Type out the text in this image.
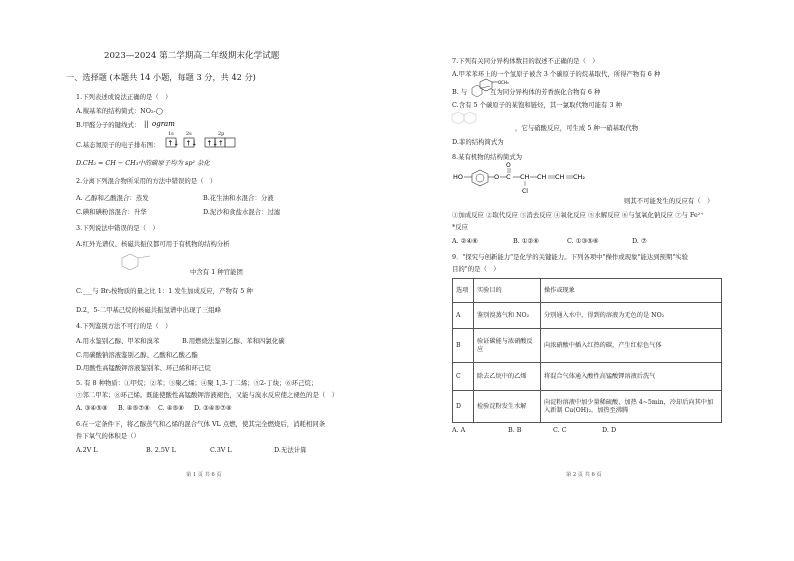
2023—2024 第二学期高二年级期末化学试题
一、选择题 (本题共 14 小题，每题 3 分，共 42 分)
1.下列表述或说法正确的是（　）
A.羰基苯的结构简式：NO₂-◯
B.甲醛分子的键线式： || ogram
C.基态氮原子的电子排布图：
1s 2s	2p
↑↓ ↑↓ ↑↓ ↑
D.CH₂ = CH − CH₃中的碳原子均为 sp² 杂化
2.分离下列混合物所采用的方法中错误的是（　）
A. 乙醇和乙酸混合：蒸发	B.花生油和水混合：分液
C.碘和碘粉溶混合：升华	D.泥沙和食盐水混合：过滤
3.下列说法中错误的是（　）
A.红外光谱仪、核磁共振仪都可用于有机物的结构分析
中含有 1 种官能团
C.___与 Br₂按物质的量之比 1：1 发生加成反应，产物有 5 种
D.2，5-二甲基己烷的核磁共振氢谱中出现了三组峰
4.下列鉴别方法不可行的是（　）
A.用水鉴别乙醇、甲苯和溴苯	B.用燃烧法鉴别乙醇、苯和四氯化碳
C.用碳酸钠溶液鉴别乙醇、乙酸和乙酸乙酯
D.用酸性高锰酸钾溶液鉴别苯、环己烯和环己烷
5. 有 8 种物质：①甲烷；②苯；③聚乙烯；④聚 1,3-丁二烯；⑤2-丁炔；⑥环己烷；
⑦邻二甲苯；⑧环己烯。既能使酸性高锰酸钾溶液褪色，又能与溴水反应使之褪色的是（　）
A. ③④⑤⑧ B. ④⑤⑦⑧ C. ④⑤⑧ D. ③④⑤⑦⑧
6.在一定条件下，将乙醇蒸气和乙烯的混合气体 VL 点燃，使其完全燃烧后，消耗相同条
件下氧气的体积是（）
A.2V L	B. 2.5V L	C.3V L	D.无法计算
第 1 页 共 6 页
7.下列有关同分异构体数目的叙述不正确的是（　）
A.甲苯苯环上的一个氢原子被含 3 个碳原子的烷基取代，所得产物有 6 种
OCH₃
B. 与	互为同分异构体的芳香族化合物有 6 种
C.含有 5 个碳原子的某饱和链烃，其一氯取代物可能有 3 种
，它与硝酸反应，可生成 5 种一硝基取代物
D.菲的结构简式为
8.某有机物的结构简式为
HO	O C
O
CH
Cl
CH CH CH₂
则其不可能发生的反应有（　）
①加成反应 ②取代反应 ③消去反应 ④氧化反应 ⑤水解反应 ⑥与氢氧化钠反应 ⑦与 Fe²⁺
*反应
A. ②④⑥	B. ①②⑥	C. ①③⑤⑥	D. ⑦
9．"探究与创新能力"是化学的关键能力。下列各项中"操作或现象"能达到预期"实验
目的"的是（　）
选项	实验目的	操作或现象
A	鉴别溴蒸气和 NO₂	分别通入水中，得到的溶液为无色的是 NO₂
B	验证碳能与浓硝酸反应	向浓硝酸中插入红热的碳，产生红棕色气体
C	除去乙烷中的乙烯	将混合气体通入酸性高锰酸钾溶液后洗气
D	检验淀粉发生水解	向淀粉溶液中加少量稀硫酸，加热 4~5min，冷却后向其中加入新制 Cu(OH)₂，加热至沸腾
A. A	B. B	C. C	D. D
第 2 页 共 6 页
